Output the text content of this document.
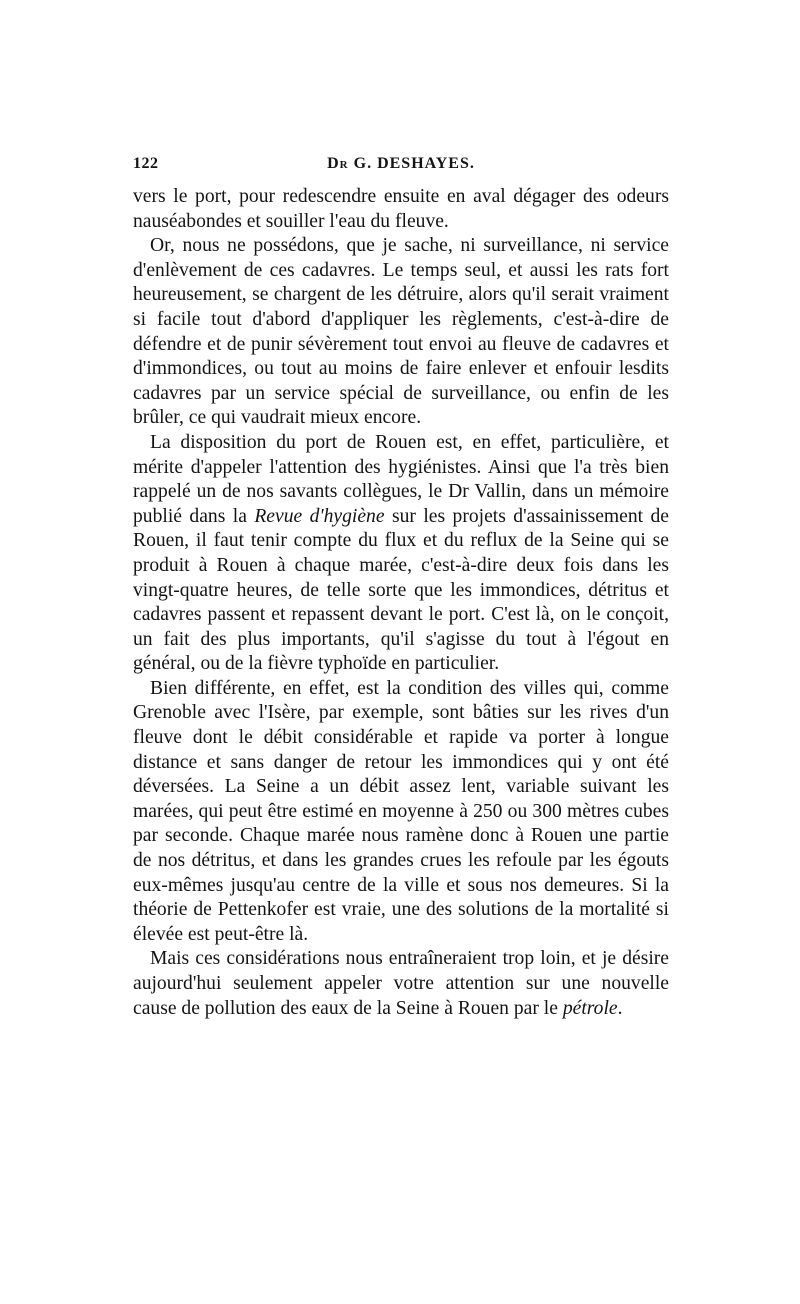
122	Dr G. DESHAYES.

vers le port, pour redescendre ensuite en aval dégager des odeurs nauséabondes et souiller l'eau du fleuve.

Or, nous ne possédons, que je sache, ni surveillance, ni service d'enlèvement de ces cadavres. Le temps seul, et aussi les rats fort heureusement, se chargent de les détruire, alors qu'il serait vraiment si facile tout d'abord d'appliquer les règlements, c'est-à-dire de défendre et de punir sévèrement tout envoi au fleuve de cadavres et d'immondices, ou tout au moins de faire enlever et enfouir lesdits cadavres par un service spécial de surveillance, ou enfin de les brûler, ce qui vaudrait mieux encore.

La disposition du port de Rouen est, en effet, particulière, et mérite d'appeler l'attention des hygiénistes. Ainsi que l'a très bien rappelé un de nos savants collègues, le Dr Vallin, dans un mémoire publié dans la Revue d'hygiène sur les projets d'assainissement de Rouen, il faut tenir compte du flux et du reflux de la Seine qui se produit à Rouen à chaque marée, c'est-à-dire deux fois dans les vingt-quatre heures, de telle sorte que les immondices, détritus et cadavres passent et repassent devant le port. C'est là, on le conçoit, un fait des plus importants, qu'il s'agisse du tout à l'égout en général, ou de la fièvre typhoïde en particulier.

Bien différente, en effet, est la condition des villes qui, comme Grenoble avec l'Isère, par exemple, sont bâties sur les rives d'un fleuve dont le débit considérable et rapide va porter à longue distance et sans danger de retour les immondices qui y ont été déversées. La Seine a un débit assez lent, variable suivant les marées, qui peut être estimé en moyenne à 250 ou 300 mètres cubes par seconde. Chaque marée nous ramène donc à Rouen une partie de nos détritus, et dans les grandes crues les refoule par les égouts eux-mêmes jusqu'au centre de la ville et sous nos demeures. Si la théorie de Pettenkofer est vraie, une des solutions de la mortalité si élevée est peut-être là.

Mais ces considérations nous entraîneraient trop loin, et je désire aujourd'hui seulement appeler votre attention sur une nouvelle cause de pollution des eaux de la Seine à Rouen par le pétrole.
